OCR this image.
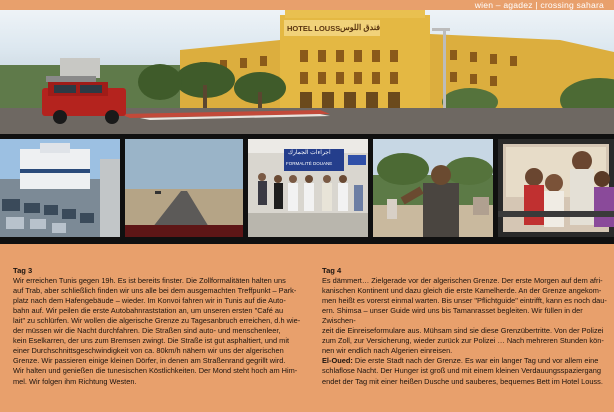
wien – agadez | crossing sahara
HOTEL LOUSS فندق اللوس
اجراءات الجمارك
FORMALITÉ DOUANE
Tag 3

Wir erreichen Tunis gegen 19h. Es ist bereits finster. Die Zollformalitäten halten uns

auf Trab, aber schließlich finden wir uns alle bei dem ausgemachten Treffpunkt – Park-

platz nach dem Hafengebäude – wieder. Im Konvoi fahren wir in Tunis auf die Auto-

bahn auf. Wir peilen die erste Autobahnraststation an, um unseren ersten "Café au

lait" zu schlürfen. Wir wollen die algerische Grenze zu Tagesanbruch erreichen, d.h wie-

der müssen wir die Nacht durchfahren. Die Straßen sind auto- und menschenleer,

kein Eselkarren, der uns zum Bremsen zwingt. Die Straße ist gut asphaltiert, und mit

einer Durchschnittsgeschwindigkeit von ca. 80km/h nähern wir uns der algerischen

Grenze. Wir passieren einige kleinen Dörfer, in denen am Straßenrand gegrillt wird.

Wir halten und genießen die tunesischen Köstlichkeiten. Der Mond steht hoch am Him-

mel. Wir folgen ihm Richtung Westen.

Tag 4

Es dämmert… Zielgerade vor der algerischen Grenze. Der erste Morgen auf dem afri-

kanischen Kontinent und dazu gleich die erste Kamelherde. An der Grenze angekom-

men heißt es vorerst einmal warten. Bis unser "Pflichtguide" eintrifft, kann es noch dau-

ern. Shimsa – unser Guide wird uns bis Tamanrasset begleiten. Wir füllen in der Zwischen-

zeit die Einreiseformulare aus. Mühsam sind sie diese Grenzübertritte. Von der Polizei

zum Zoll, zur Versicherung, wieder zurück zur Polizei … Nach mehreren Stunden kön-

nen wir endlich nach Algerien einreisen.

El-Oued: Die erste Stadt nach der Grenze. Es war ein langer Tag und vor allem eine

schlaflose Nacht. Der Hunger ist groß und mit einem kleinen Verdauungsspaziergang

endet der Tag mit einer heißen Dusche und sauberes, bequemes Bett im Hotel Louss.
